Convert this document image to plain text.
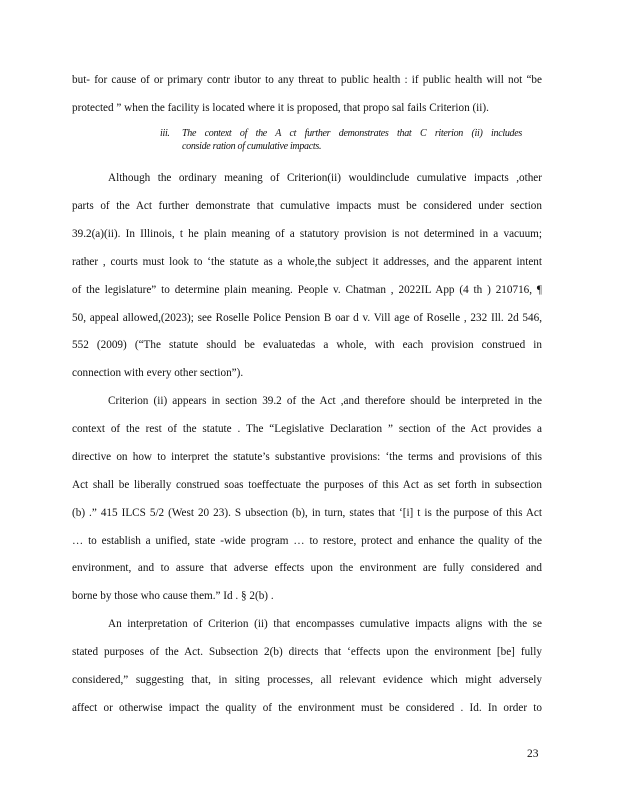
but- for cause of or primary contr ibutor to any threat to public health : if public health will not “be
protected ” when the facility is located where it is proposed, that propo sal fails Criterion (ii).
iii. The context of the A ct further demonstrates that C riterion (ii) includes
conside ration of cumulative impacts.
Although the ordinary meaning of Criterion(ii) wouldinclude cumulative impacts ,other
parts of the Act further demonstrate that cumulative impacts must be considered under section
39.2(a)(ii). In Illinois, t he plain meaning of a statutory provision is not determined in a vacuum;
rather , courts must look to ‘the statute as a whole,the subject it addresses, and the apparent intent
of the legislature” to determine plain meaning. People v. Chatman , 2022IL App (4 th ) 210716, ¶
50, appeal allowed,(2023); see Roselle Police Pension B oar d v. Vill age of Roselle , 232 Ill. 2d 546,
552 (2009) (“The statute should be evaluatedas a whole, with each provision construed in
connection with every other section”).
Criterion (ii) appears in section 39.2 of the Act ,and therefore should be interpreted in the
context of the rest of the statute . The “Legislative Declaration ” section of the Act provides a
directive on how to interpret the statute’s substantive provisions: ‘the terms and provisions of this
Act shall be liberally construed soas toeffectuate the purposes of this Act as set forth in subsection
(b) .” 415 ILCS 5/2 (West 20 23). S ubsection (b), in turn, states that ‘[i] t is the purpose of this Act
… to establish a unified, state -wide program … to restore, protect and enhance the quality of the
environment, and to assure that adverse effects upon the environment are fully considered and
borne by those who cause them.” Id . § 2(b) .
An interpretation of Criterion (ii) that encompasses cumulative impacts aligns with the se
stated purposes of the Act. Subsection 2(b) directs that ‘effects upon the environment [be] fully
considered,” suggesting that, in siting processes, all relevant evidence which might adversely
affect or otherwise impact the quality of the environment must be considered . Id. In order to
23
